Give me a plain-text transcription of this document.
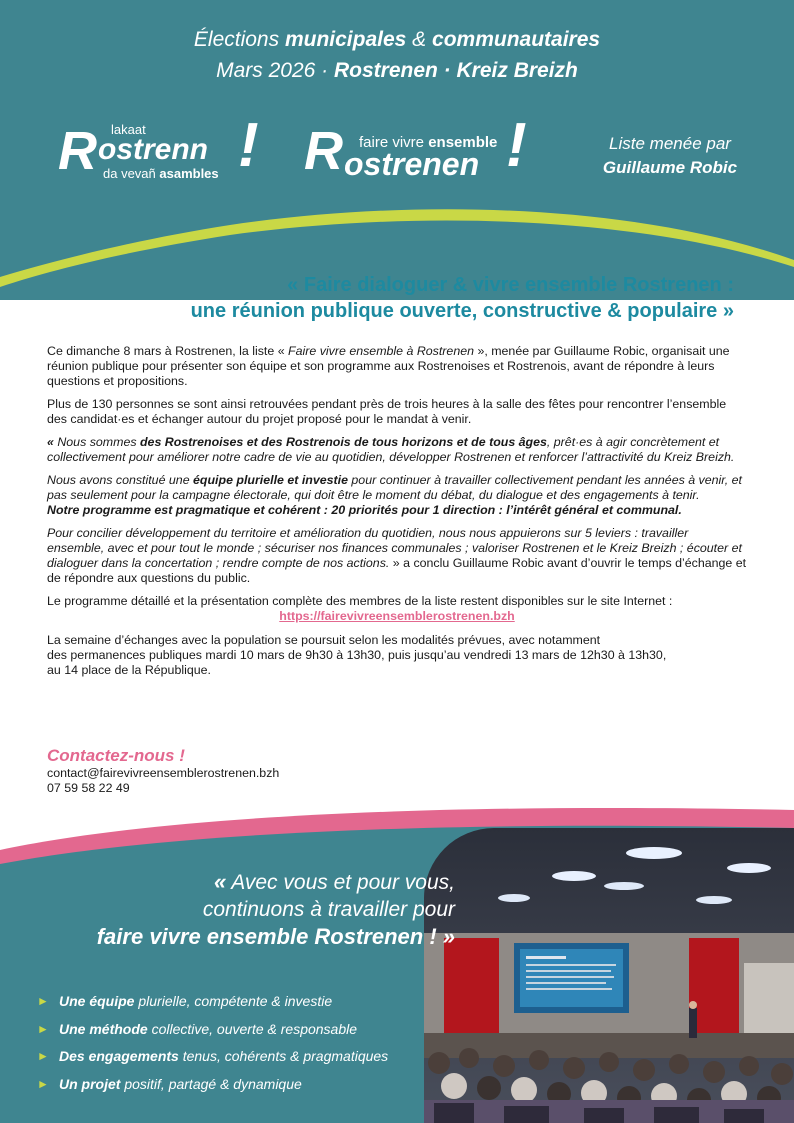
Élections municipales & communautaires
Mars 2026 · Rostrenen · Kreiz Breizh
lakaat
R ostrenn
da vevañ asambles !	faire vivre ensemble
R ostrenen !	Liste menée par
Guillaume Robic
« Faire dialoguer & vivre ensemble Rostrenen :
une réunion publique ouverte, constructive & populaire »

Ce dimanche 8 mars à Rostrenen, la liste « Faire vivre ensemble à Rostrenen », menée par Guillaume Robic, organisait une réunion publique pour présenter son équipe et son programme aux Rostrenoises et Rostrenois, avant de répondre à leurs questions et propositions.

Plus de 130 personnes se sont ainsi retrouvées pendant près de trois heures à la salle des fêtes pour rencontrer l’ensemble des candidat·es et échanger autour du projet proposé pour le mandat à venir.

« Nous sommes des Rostrenoises et des Rostrenois de tous horizons et de tous âges, prêt·es à agir concrètement et collectivement pour améliorer notre cadre de vie au quotidien, développer Rostrenen et renforcer l’attractivité du Kreiz Breizh.

Nous avons constitué une équipe plurielle et investie pour continuer à travailler collectivement pendant les années à venir, et pas seulement pour la campagne électorale, qui doit être le moment du débat, du dialogue et des engagements à tenir.
Notre programme est pragmatique et cohérent : 20 priorités pour 1 direction : l’intérêt général et communal.

Pour concilier développement du territoire et amélioration du quotidien, nous nous appuierons sur 5 leviers : travailler ensemble, avec et pour tout le monde ; sécuriser nos finances communales ; valoriser Rostrenen et le Kreiz Breizh ; écouter et dialoguer dans la concertation ; rendre compte de nos actions. » a conclu Guillaume Robic avant d’ouvrir le temps d’échange et de répondre aux questions du public.

Le programme détaillé et la présentation complète des membres de la liste restent disponibles sur le site Internet :
https://fairevivreensemblerostrenen.bzh

La semaine d’échanges avec la population se poursuit selon les modalités prévues, avec notamment
des permanences publiques mardi 10 mars de 9h30 à 13h30, puis jusqu’au vendredi 13 mars de 12h30 à 13h30,
au 14 place de la République.

Contactez-nous !
contact@fairevivreensemblerostrenen.bzh
07 59 58 22 49
« Avec vous et pour vous,
continuons à travailler pour
faire vivre ensemble Rostrenen ! »
► Une équipe plurielle, compétente & investie
► Une méthode collective, ouverte & responsable
► Des engagements tenus, cohérents & pragmatiques
► Un projet positif, partagé & dynamique
